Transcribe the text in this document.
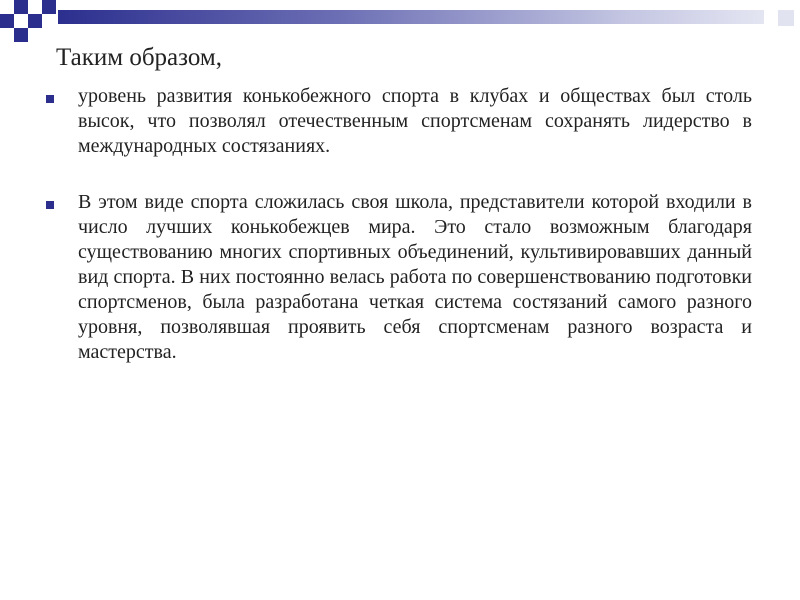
Таким образом,

уровень развития конькобежного спорта в клубах и обществах был столь высок, что позволял отечественным спортсменам сохранять лидерство в международных состязаниях.

В этом виде спорта сложилась своя школа, представители которой входили в число лучших конькобежцев мира. Это стало возможным благодаря существованию многих спортивных объединений, культивировавших данный вид спорта. В них постоянно велась работа по совершенствованию подготовки спортсменов, была разработана четкая система состязаний самого разного уровня, позволявшая проявить себя спортсменам разного возраста и мастерства.
